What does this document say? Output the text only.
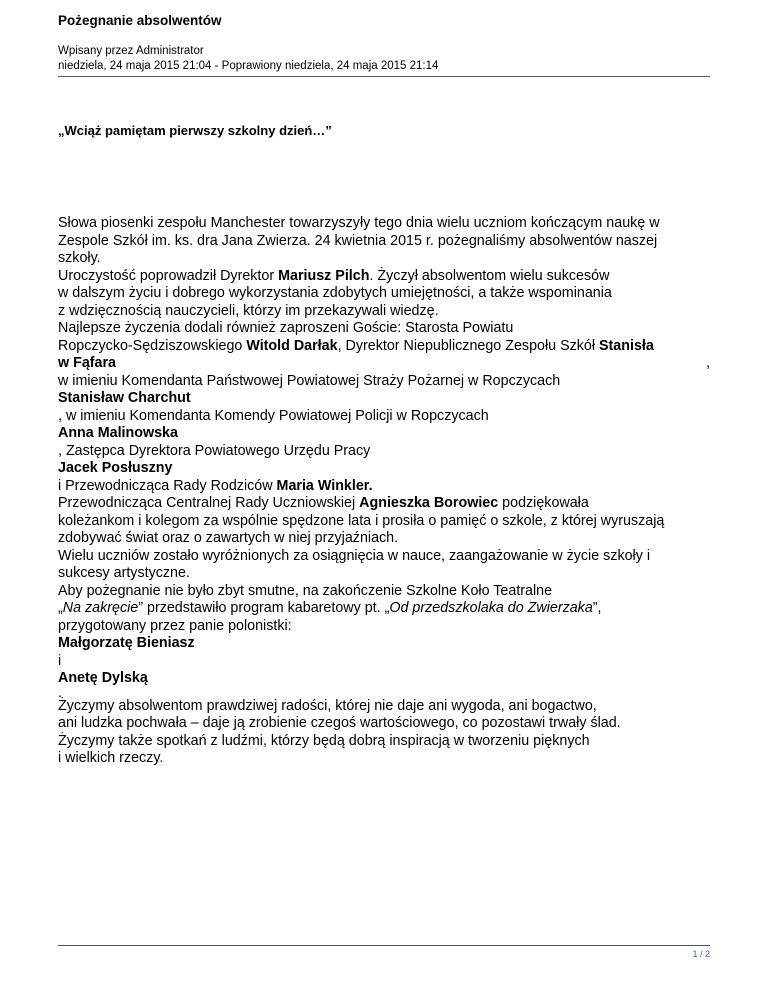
Pożegnanie absolwentów
Wpisany przez Administrator
niedziela, 24 maja 2015 21:04 - Poprawiony niedziela, 24 maja 2015 21:14

„Wciąż pamiętam pierwszy szkolny dzień…”

Słowa piosenki zespołu Manchester towarzyszyły tego dnia wielu uczniom kończącym naukę w
Zespole Szkół im. ks. dra Jana Zwierza. 24 kwietnia 2015 r. pożegnaliśmy absolwentów naszej
szkoły.
Uroczystość poprowadził Dyrektor Mariusz Pilch. Życzył absolwentom wielu sukcesów
w dalszym życiu i dobrego wykorzystania zdobytych umiejętności, a także wspominania
z wdzięcznością nauczycieli, którzy im przekazywali wiedzę.
Najlepsze życzenia dodali również zaproszeni Goście: Starosta Powiatu
Ropczycko-Sędziszowskiego Witold Darłak, Dyrektor Niepublicznego Zespołu Szkół Stanisła
w Fąfara	,
w imieniu Komendanta Państwowej Powiatowej Straży Pożarnej w Ropczycach
Stanisław Charchut
, w imieniu Komendanta Komendy Powiatowej Policji w Ropczycach
Anna Malinowska
, Zastępca Dyrektora Powiatowego Urzędu Pracy
Jacek Posłuszny
i Przewodnicząca Rady Rodziców Maria Winkler.
Przewodnicząca Centralnej Rady Uczniowskiej Agnieszka Borowiec podziękowała
koleżankom i kolegom za wspólnie spędzone lata i prosiła o pamięć o szkole, z której wyruszają
zdobywać świat oraz o zawartych w niej przyjaźniach.
Wielu uczniów zostało wyróżnionych za osiągnięcia w nauce, zaangażowanie w życie szkoły i
sukcesy artystyczne.
Aby pożegnanie nie było zbyt smutne, na zakończenie Szkolne Koło Teatralne
„Na zakręcie” przedstawiło program kabaretowy pt. „Od przedszkolaka do Zwierzaka”,
przygotowany przez panie polonistki:
Małgorzatę Bieniasz
i
Anetę Dylską
.
Życzymy absolwentom prawdziwej radości, której nie daje ani wygoda, ani bogactwo,
ani ludzka pochwała – daje ją zrobienie czegoś wartościowego, co pozostawi trwały ślad.
Życzymy także spotkań z ludźmi, którzy będą dobrą inspiracją w tworzeniu pięknych
i wielkich rzeczy.
1 / 2
